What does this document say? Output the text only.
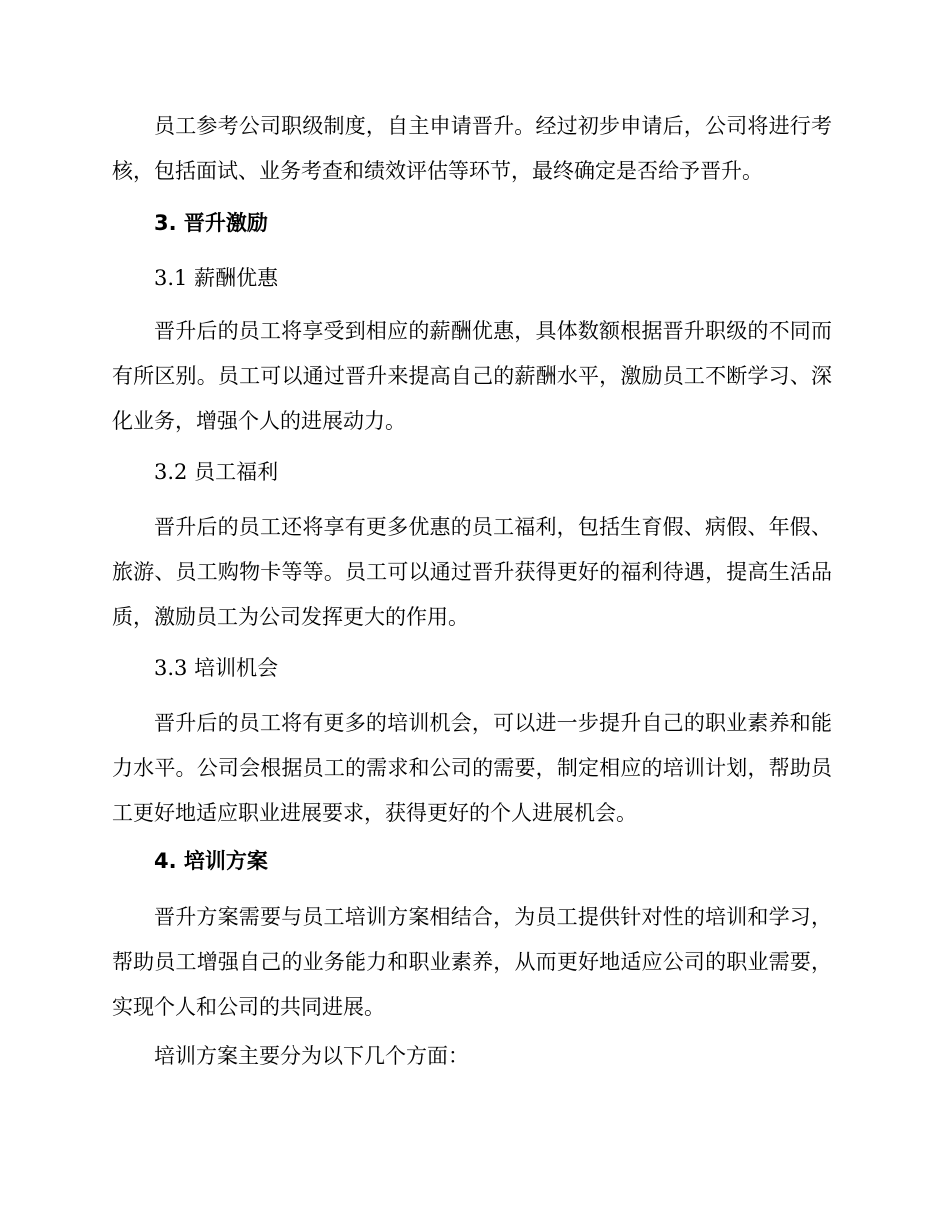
员工参考公司职级制度，自主申请晋升。经过初步申请后，公司将进行考核，包括面试、业务考查和绩效评估等环节，最终确定是否给予晋升。

3. 晋升激励

3.1 薪酬优惠

晋升后的员工将享受到相应的薪酬优惠，具体数额根据晋升职级的不同而有所区别。员工可以通过晋升来提高自己的薪酬水平，激励员工不断学习、深化业务，增强个人的进展动力。

3.2 员工福利

晋升后的员工还将享有更多优惠的员工福利，包括生育假、病假、年假、旅游、员工购物卡等等。员工可以通过晋升获得更好的福利待遇，提高生活品质，激励员工为公司发挥更大的作用。

3.3 培训机会

晋升后的员工将有更多的培训机会，可以进一步提升自己的职业素养和能力水平。公司会根据员工的需求和公司的需要，制定相应的培训计划，帮助员工更好地适应职业进展要求，获得更好的个人进展机会。

4. 培训方案

晋升方案需要与员工培训方案相结合，为员工提供针对性的培训和学习，帮助员工增强自己的业务能力和职业素养，从而更好地适应公司的职业需要，实现个人和公司的共同进展。

培训方案主要分为以下几个方面：
